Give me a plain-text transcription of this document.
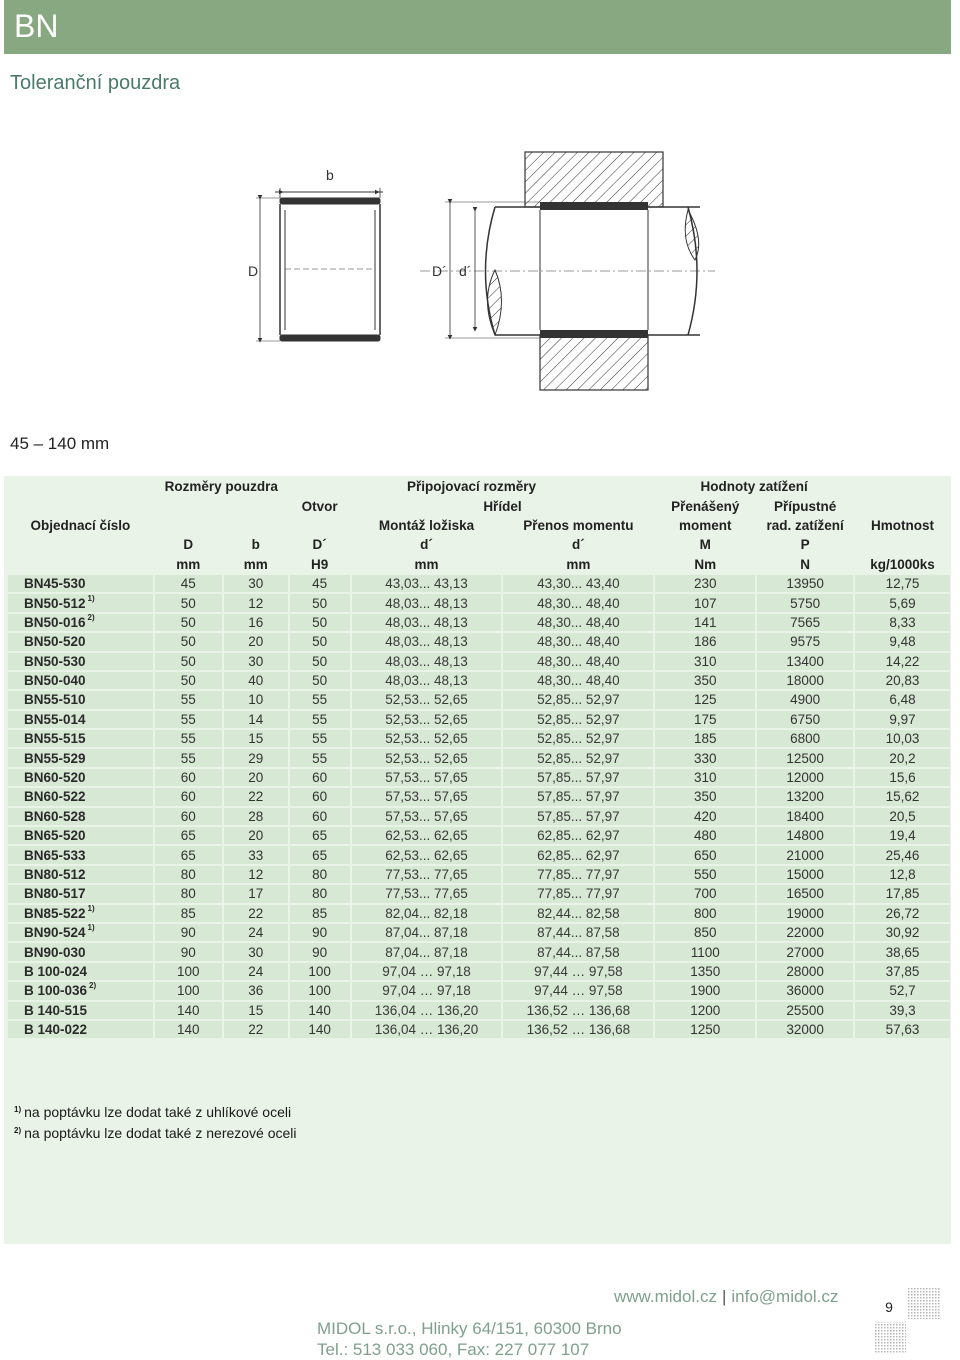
BN
Toleranční pouzdra
b
D	D´ d´
45 – 140 mm
	Rozměry pouzdra		Připojovací rozměry			Hodnoty zatížení		
			Otvor	Hřídel		Přenášený	Přípustné	
Objednací číslo				Montáž ložiska	Přenos momentu	moment	rad. zatížení	Hmotnost
	D	b	D´	d´	d´	M	P	
	mm	mm	H9	mm	mm	Nm	N	kg/1000ks
BN45-530	45	30	45	43,03... 43,13	43,30... 43,40	230	13950	12,75
BN50-512 $^{1)}$	50	12	50	48,03... 48,13	48,30... 48,40	107	5750	5,69
BN50-016 $^{2)}$	50	16	50	48,03... 48,13	48,30... 48,40	141	7565	8,33
BN50-520	50	20	50	48,03... 48,13	48,30... 48,40	186	9575	9,48
BN50-530	50	30	50	48,03... 48,13	48,30... 48,40	310	13400	14,22
BN50-040	50	40	50	48,03... 48,13	48,30... 48,40	350	18000	20,83
BN55-510	55	10	55	52,53... 52,65	52,85... 52,97	125	4900	6,48
BN55-014	55	14	55	52,53... 52,65	52,85... 52,97	175	6750	9,97
BN55-515	55	15	55	52,53... 52,65	52,85... 52,97	185	6800	10,03
BN55-529	55	29	55	52,53... 52,65	52,85... 52,97	330	12500	20,2
BN60-520	60	20	60	57,53... 57,65	57,85... 57,97	310	12000	15,6
BN60-522	60	22	60	57,53... 57,65	57,85... 57,97	350	13200	15,62
BN60-528	60	28	60	57,53... 57,65	57,85... 57,97	420	18400	20,5
BN65-520	65	20	65	62,53... 62,65	62,85... 62,97	480	14800	19,4
BN65-533	65	33	65	62,53... 62,65	62,85... 62,97	650	21000	25,46
BN80-512	80	12	80	77,53... 77,65	77,85... 77,97	550	15000	12,8
BN80-517	80	17	80	77,53... 77,65	77,85... 77,97	700	16500	17,85
BN85-522 $^{1)}$	85	22	85	82,04... 82,18	82,44... 82,58	800	19000	26,72
BN90-524 $^{1)}$	90	24	90	87,04... 87,18	87,44... 87,58	850	22000	30,92
BN90-030	90	30	90	87,04... 87,18	87,44... 87,58	1100	27000	38,65
B 100-024	100	24	100	97,04 … 97,18	97,44 … 97,58	1350	28000	37,85
B 100-036 $^{2)}$	100	36	100	97,04 … 97,18	97,44 … 97,58	1900	36000	52,7
B 140-515	140	15	140	136,04 … 136,20	136,52 … 136,68	1200	25500	39,3
B 140-022	140	22	140	136,04 … 136,20	136,52 … 136,68	1250	32000	57,63
$^{1)}$ na poptávku lze dodat také z uhlíkové oceli
$^{2)}$ na poptávku lze dodat také z nerezové oceli
www.midol.cz | info@midol.cz
MIDOL s.r.o., Hlinky 64/151, 60300 Brno
Tel.: 513 033 060, Fax: 227 077 107
9
